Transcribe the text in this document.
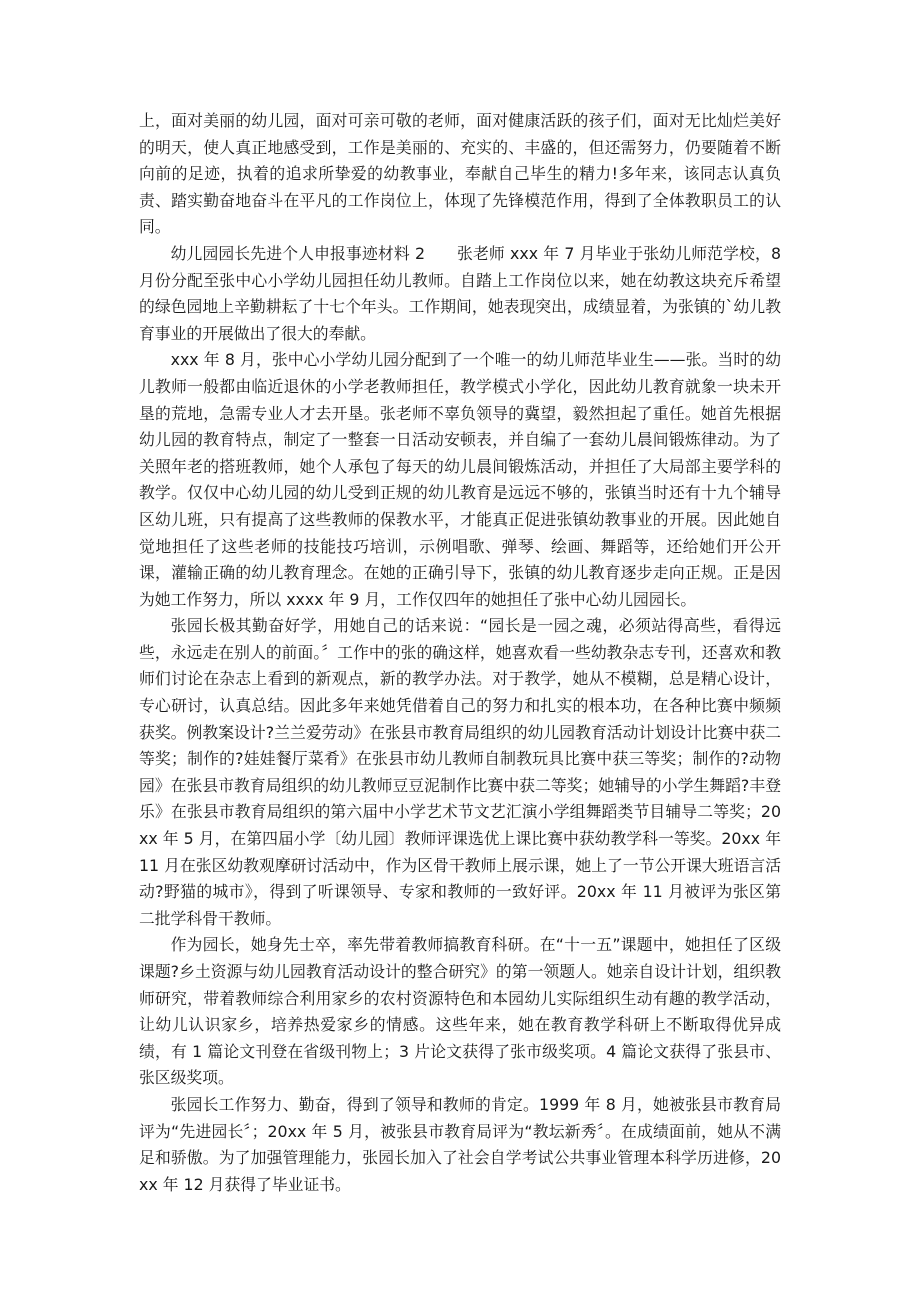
上，面对美丽的幼儿园，面对可亲可敬的老师，面对健康活跃的孩子们，面对无比灿烂美好的明天，使人真正地感受到，工作是美丽的、充实的、丰盛的，但还需努力，仍要随着不断向前的足迹，执着的追求所挚爱的幼教事业，奉献自己毕生的精力!多年来，该同志认真负责、踏实勤奋地奋斗在平凡的工作岗位上，体现了先锋模范作用，得到了全体教职员工的认同。

幼儿园园长先进个人申报事迹材料 2　　张老师 xxx 年 7 月毕业于张幼儿师范学校，8 月份分配至张中心小学幼儿园担任幼儿教师。自踏上工作岗位以来，她在幼教这块充斥希望的绿色园地上辛勤耕耘了十七个年头。工作期间，她表现突出，成绩显着，为张镇的`幼儿教育事业的开展做出了很大的奉献。

xxx 年 8 月，张中心小学幼儿园分配到了一个唯一的幼儿师范毕业生——张。当时的幼儿教师一般都由临近退休的小学老教师担任，教学模式小学化，因此幼儿教育就象一块未开垦的荒地，急需专业人才去开垦。张老师不辜负领导的冀望，毅然担起了重任。她首先根据幼儿园的教育特点，制定了一整套一日活动安顿表，并自编了一套幼儿晨间锻炼律动。为了关照年老的搭班教师，她个人承包了每天的幼儿晨间锻炼活动，并担任了大局部主要学科的教学。仅仅中心幼儿园的幼儿受到正规的幼儿教育是远远不够的，张镇当时还有十九个辅导区幼儿班，只有提高了这些教师的保教水平，才能真正促进张镇幼教事业的开展。因此她自觉地担任了这些老师的技能技巧培训，示例唱歌、弹琴、绘画、舞蹈等，还给她们开公开课，灌输正确的幼儿教育理念。在她的正确引导下，张镇的幼儿教育逐步走向正规。正是因为她工作努力，所以 xxxx 年 9 月，工作仅四年的她担任了张中心幼儿园园长。

张园长极其勤奋好学，用她自己的话来说：“园长是一园之魂，必须站得高些，看得远些，永远走在别人的前面。〞工作中的张的确这样，她喜欢看一些幼教杂志专刊，还喜欢和教师们讨论在杂志上看到的新观点，新的教学办法。对于教学，她从不模糊，总是精心设计，专心研讨，认真总结。因此多年来她凭借着自己的努力和扎实的根本功，在各种比赛中频频获奖。例教案设计?兰兰爱劳动》在张县市教育局组织的幼儿园教育活动计划设计比赛中获二等奖；制作的?娃娃餐厅菜肴》在张县市幼儿教师自制教玩具比赛中获三等奖；制作的?动物园》在张县市教育局组织的幼儿教师豆豆泥制作比赛中获二等奖；她辅导的小学生舞蹈?丰登乐》在张县市教育局组织的第六届中小学艺术节文艺汇演小学组舞蹈类节目辅导二等奖；20xx 年 5 月，在第四届小学〔幼儿园〕教师评课选优上课比赛中获幼教学科一等奖。20xx 年 11 月在张区幼教观摩研讨活动中，作为区骨干教师上展示课，她上了一节公开课大班语言活动?野猫的城市》，得到了听课领导、专家和教师的一致好评。20xx 年 11 月被评为张区第二批学科骨干教师。

作为园长，她身先士卒，率先带着教师搞教育科研。在“十一五”课题中，她担任了区级课题?乡土资源与幼儿园教育活动设计的整合研究》的第一领题人。她亲自设计计划，组织教师研究，带着教师综合利用家乡的农村资源特色和本园幼儿实际组织生动有趣的教学活动，让幼儿认识家乡，培养热爱家乡的情感。这些年来，她在教育教学科研上不断取得优异成绩，有 1 篇论文刊登在省级刊物上；3 片论文获得了张市级奖项。4 篇论文获得了张县市、张区级奖项。

张园长工作努力、勤奋，得到了领导和教师的肯定。1999 年 8 月，她被张县市教育局评为“先进园长〞；20xx 年 5 月，被张县市教育局评为“教坛新秀〞。在成绩面前，她从不满足和骄傲。为了加强管理能力，张园长加入了社会自学考试公共事业管理本科学历进修，20xx 年 12 月获得了毕业证书。
